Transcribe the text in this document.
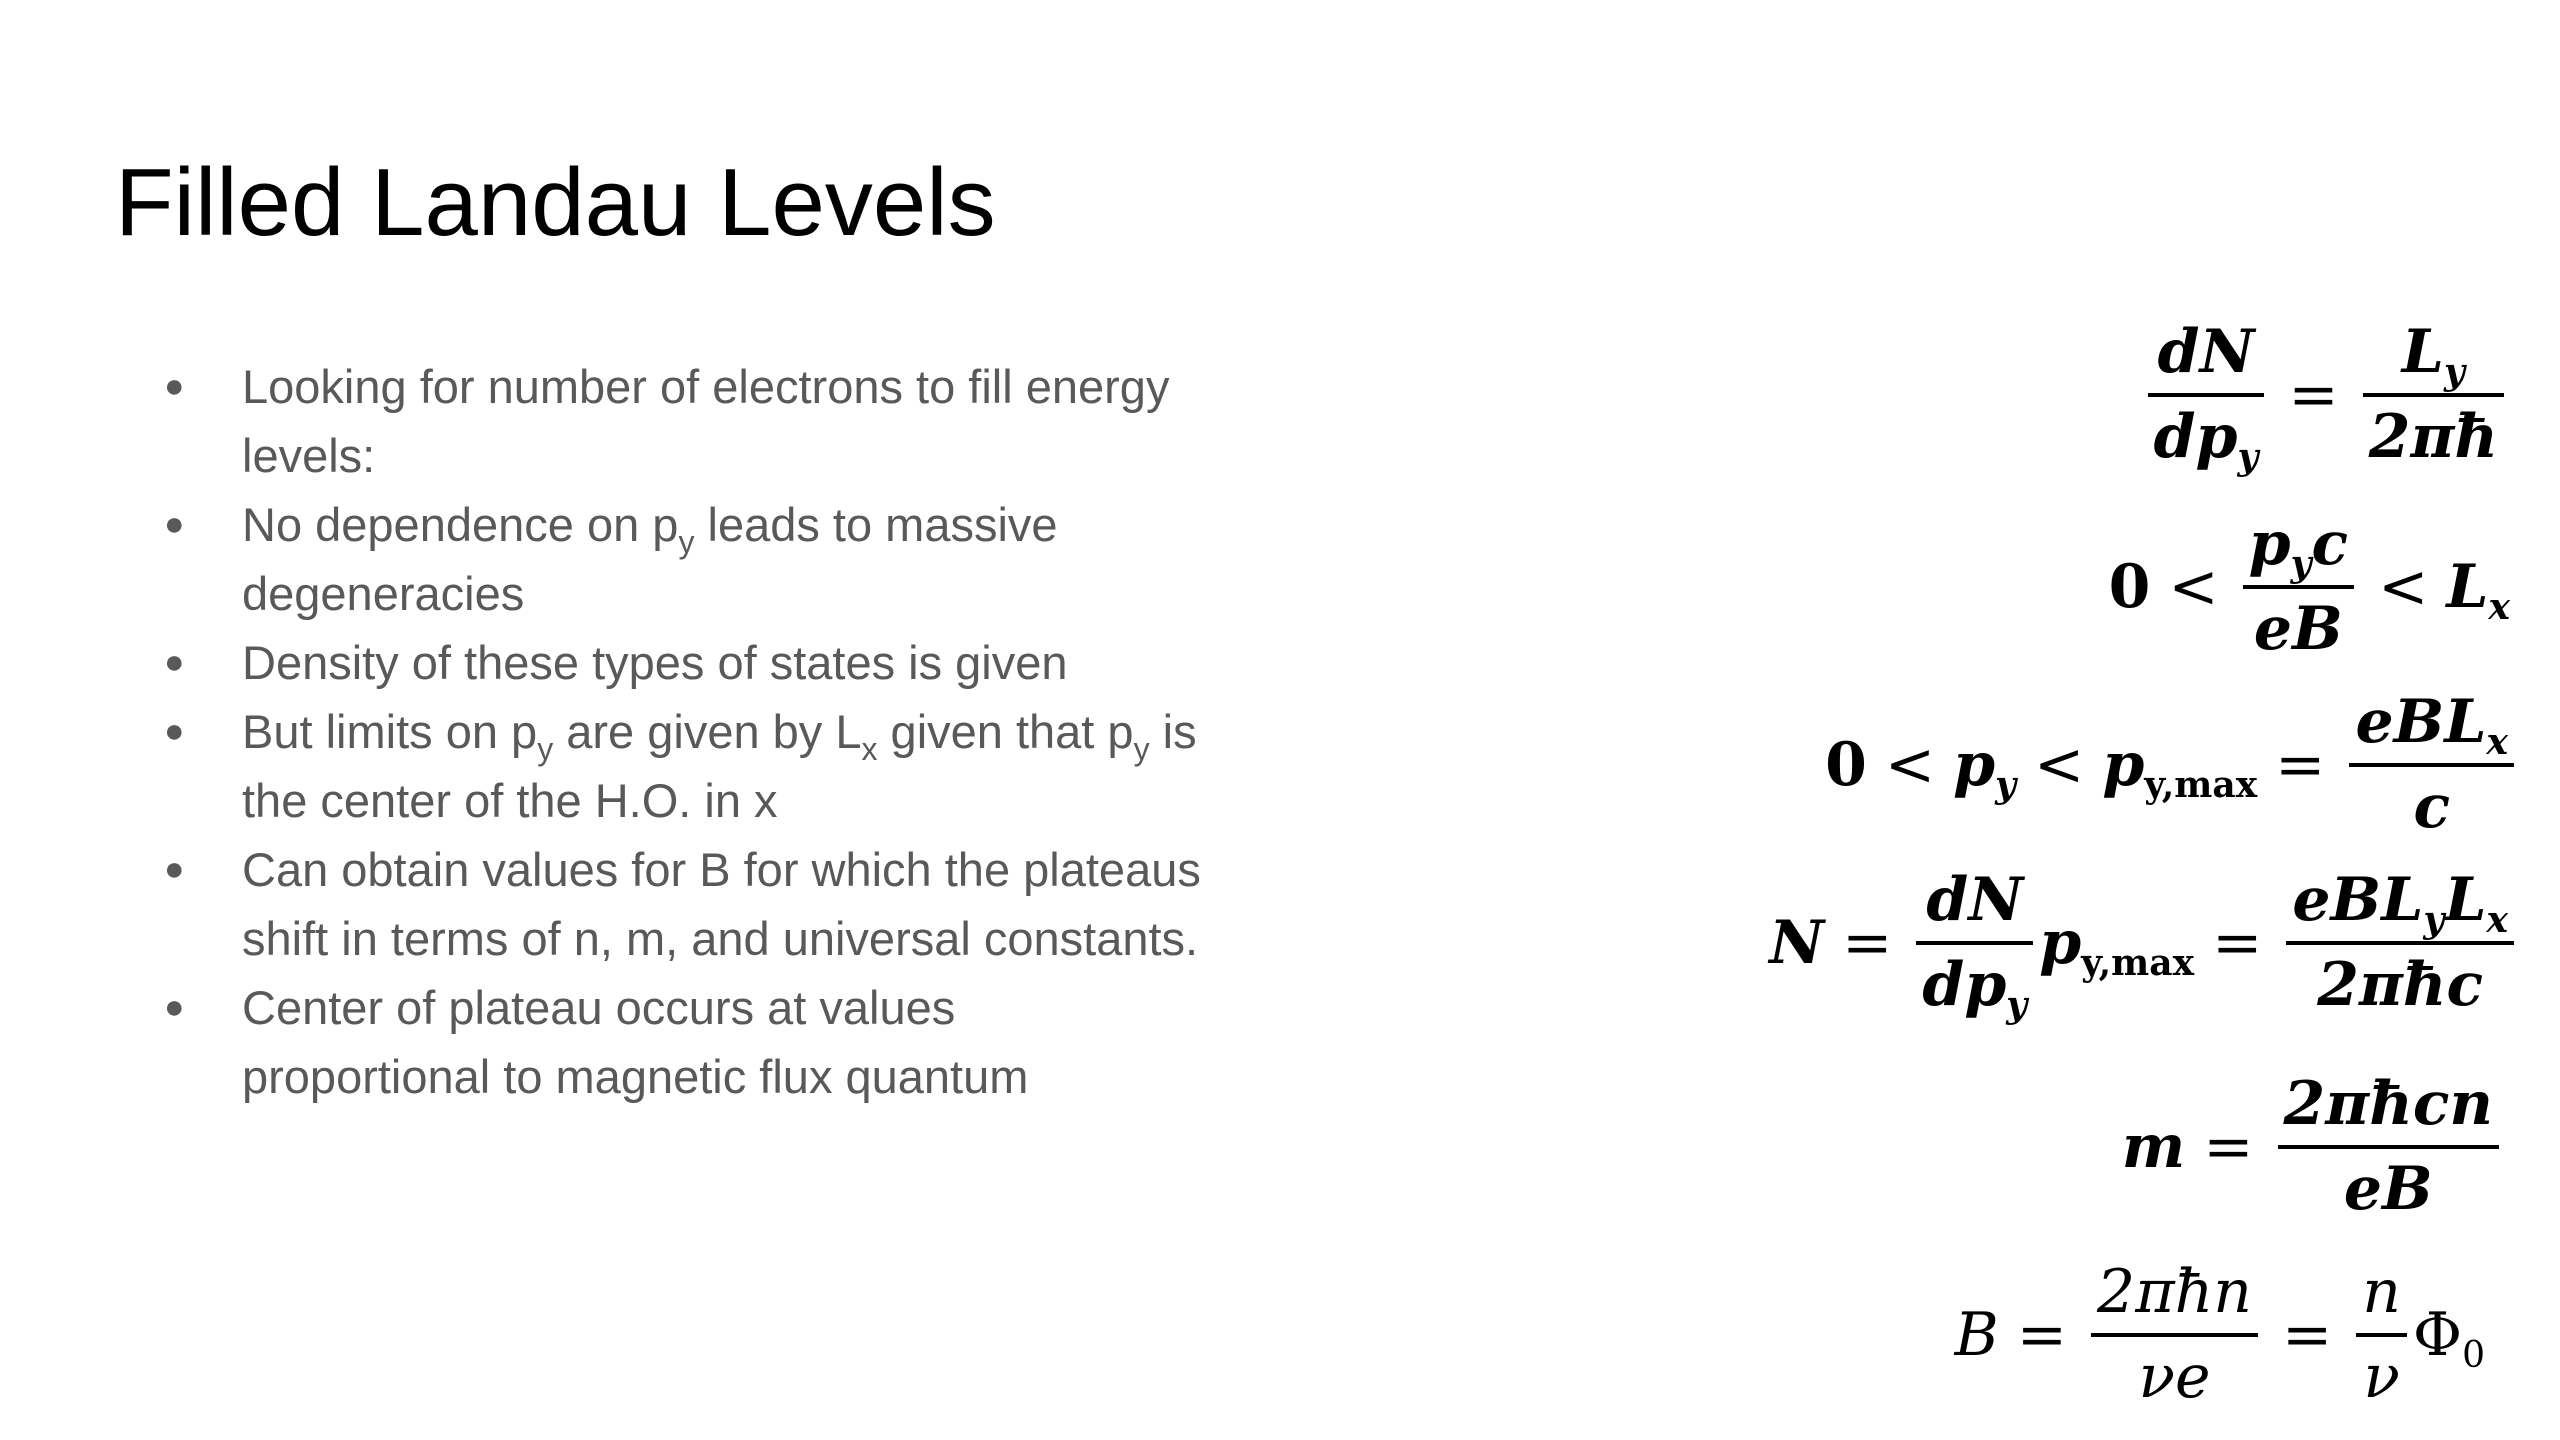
Filled Landau Levels
● Looking for number of electrons to fill energy levels:
● No dependence on $p_y$ leads to massive degeneracies
● Density of these types of states is given
● But limits on $p_y$ are given by $L_x$ given that $p_y$ is the center of the H.O. in x
● Can obtain values for B for which the plateaus shift in terms of n, m, and universal constants.
● Center of plateau occurs at values proportional to magnetic flux quantum
$\frac{dN}{dp_y} = \frac{L_y}{2\pi ħ}$
$0 < \frac{p_yc}{eB} < L_x$
$0 < p_y < p_{y,max} = \frac{eBL_x}{c}$
$N = \frac{dN}{dp_y} p_{y,max} = \frac{eBL_yL_x}{\text{2πħc}}$
$m = \frac{\text{2πħcn}}{eB}$
$B = \frac{\text{2πħn}}{\nu e} = \frac{n}{\nu} \Phi_0$
